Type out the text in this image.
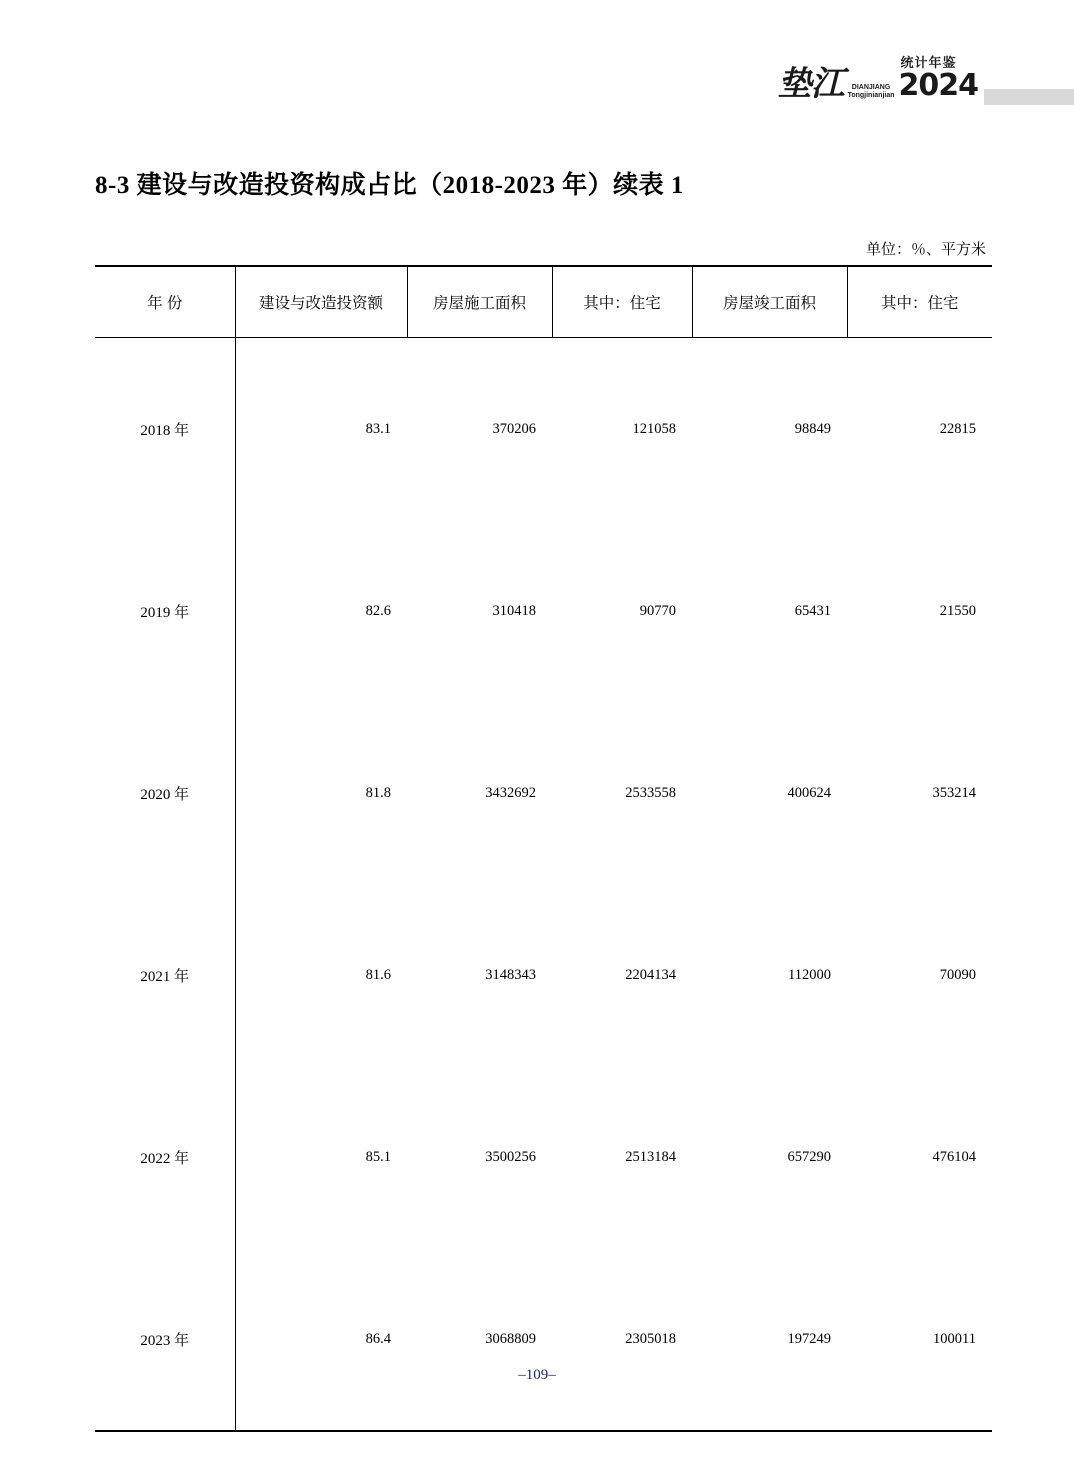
垫江	DIANJIANG
Tongjinianjian
统计年鉴
2024
8-3 建设与改造投资构成占比（2018-2023 年）续表 1
单位：％、平方米
年 份	建设与改造投资额	房屋施工面积	其中：住宅	房屋竣工面积	其中：住宅
2018 年	83.1	370206	121058	98849	22815
2019 年	82.6	310418	90770	65431	21550
2020 年	81.8	3432692	2533558	400624	353214
2021 年	81.6	3148343	2204134	112000	70090
2022 年	85.1	3500256	2513184	657290	476104
2023 年	86.4	3068809	2305018	197249	100011
–109–
